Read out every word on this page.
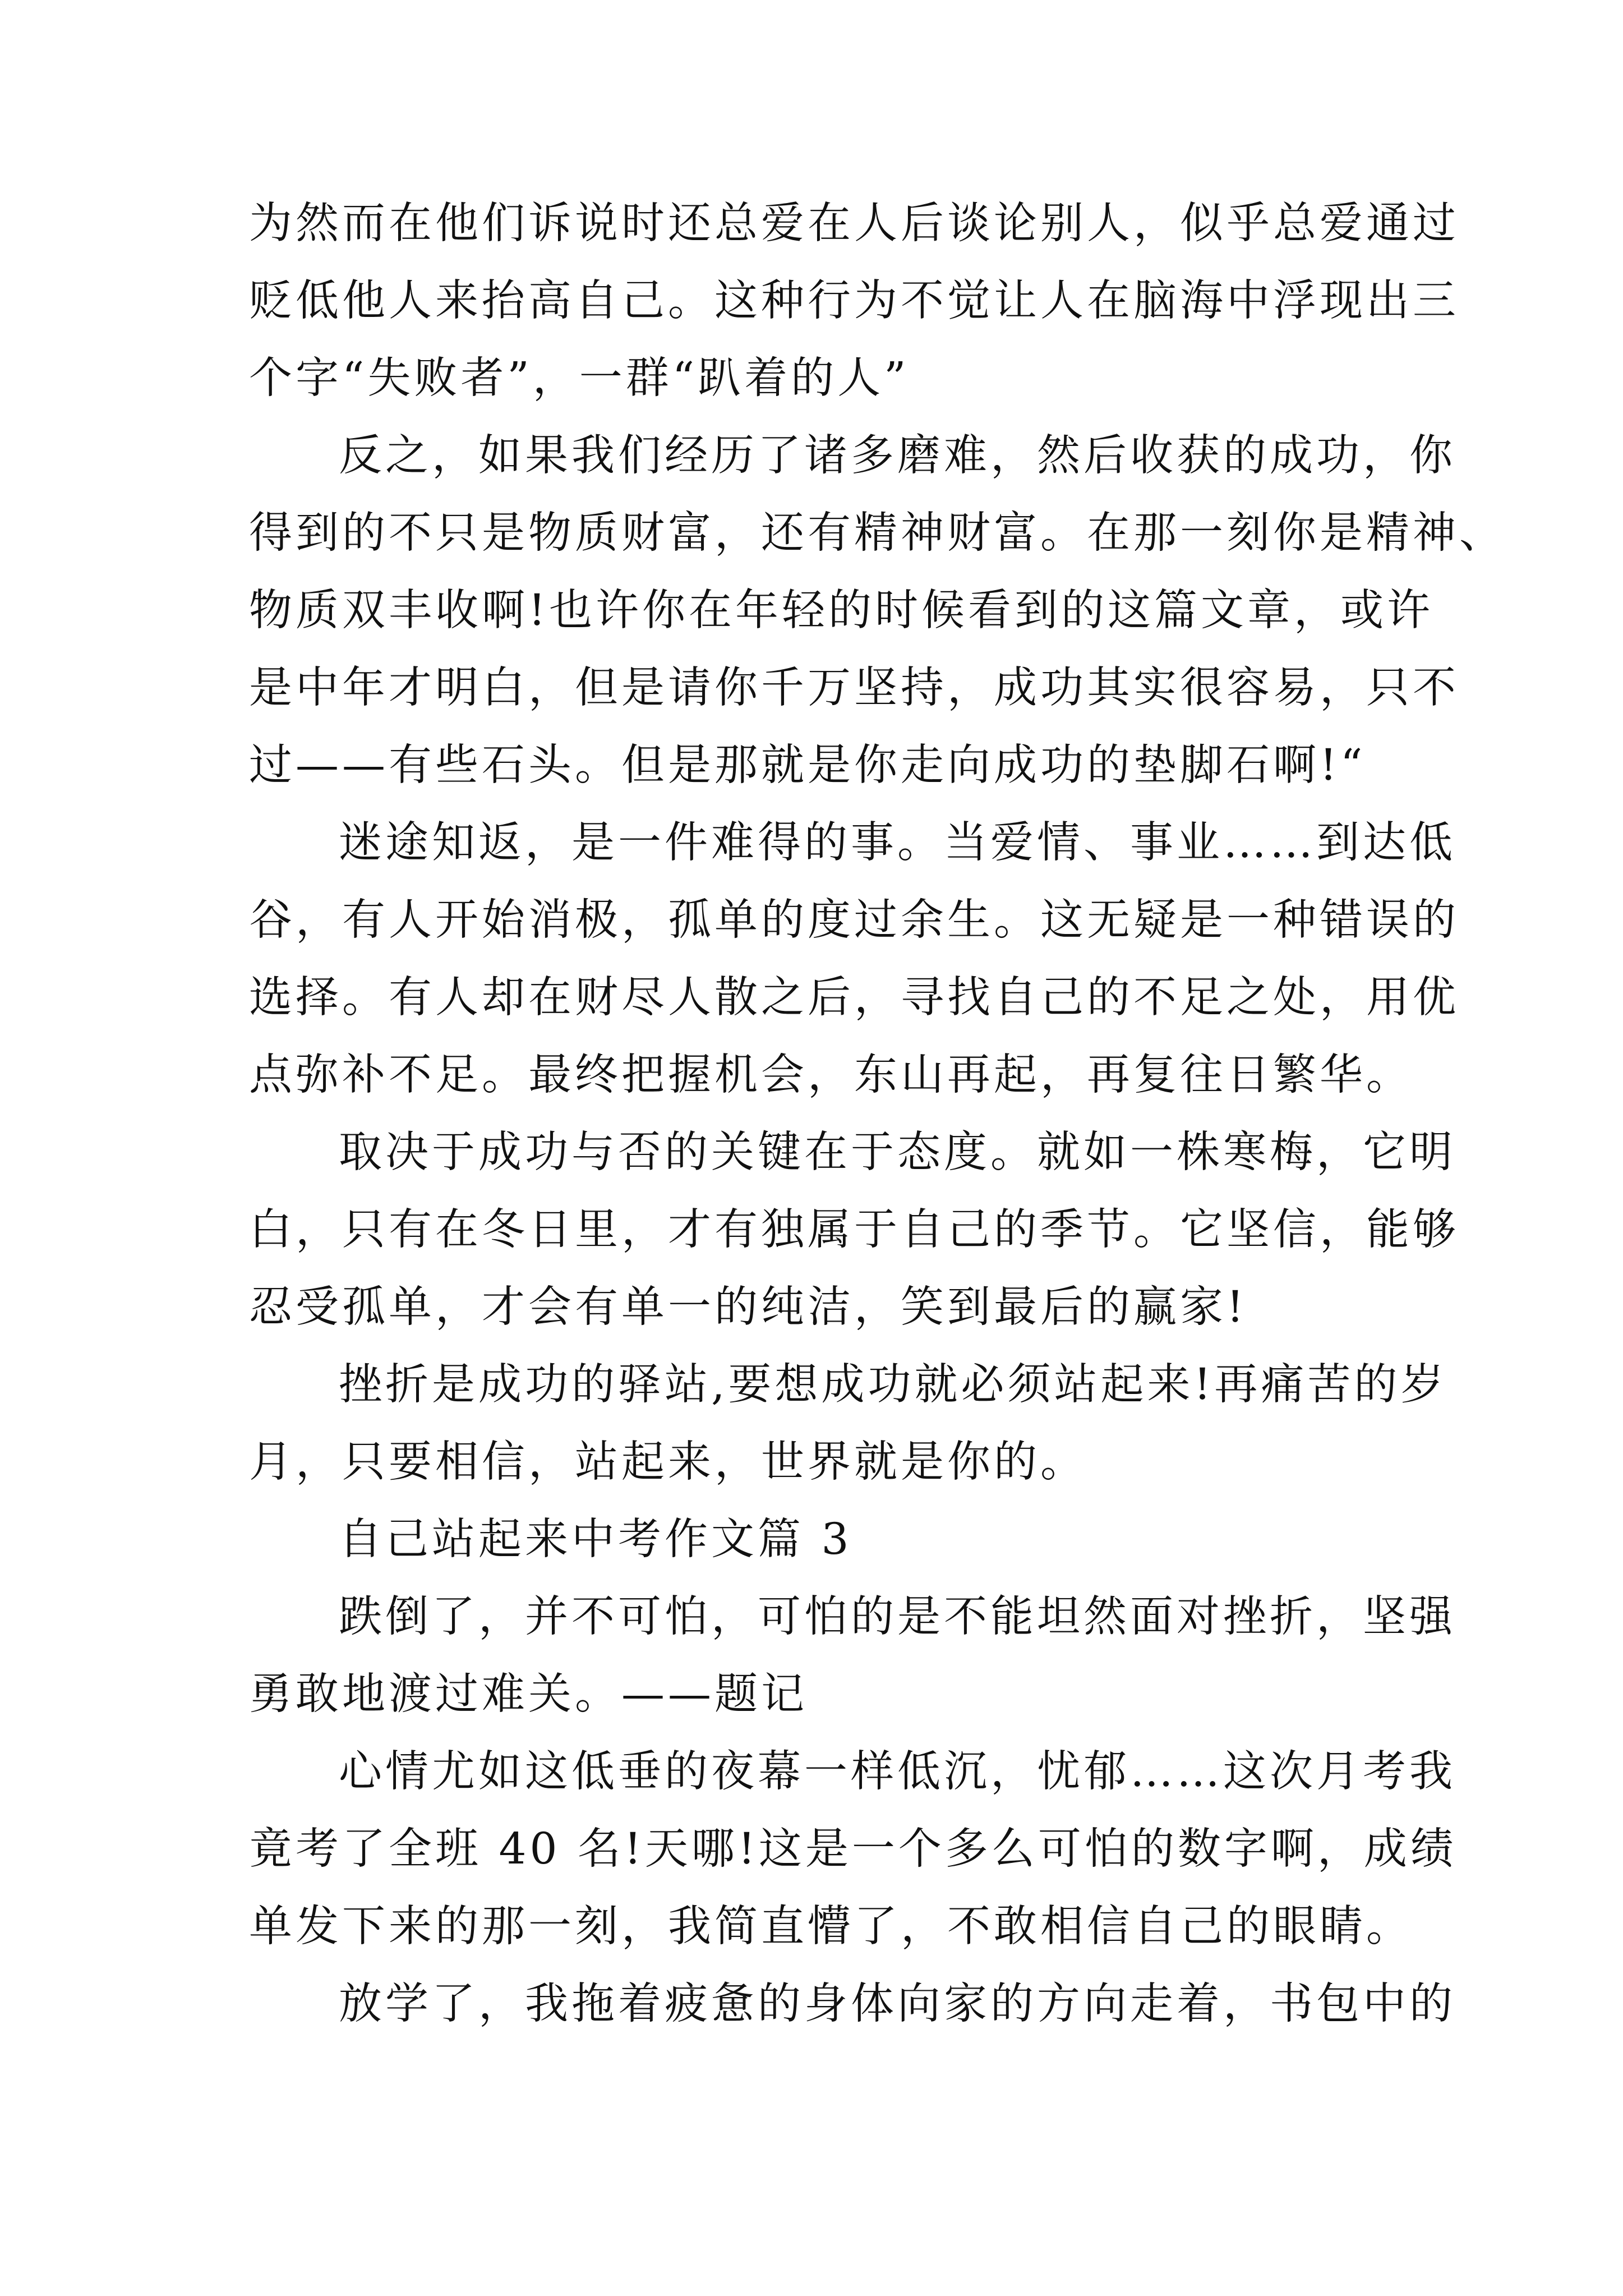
为然而在他们诉说时还总爱在人后谈论别人，似乎总爱通过
贬低他人来抬高自己。这种行为不觉让人在脑海中浮现出三
个字“失败者”，一群“趴着的人”
反之，如果我们经历了诸多磨难，然后收获的成功，你
得到的不只是物质财富，还有精神财富。在那一刻你是精神、
物质双丰收啊!也许你在年轻的时候看到的这篇文章，或许
是中年才明白，但是请你千万坚持，成功其实很容易，只不
过——有些石头。但是那就是你走向成功的垫脚石啊!“
迷途知返，是一件难得的事。当爱情、事业……到达低
谷，有人开始消极，孤单的度过余生。这无疑是一种错误的
选择。有人却在财尽人散之后，寻找自己的不足之处，用优
点弥补不足。最终把握机会，东山再起，再复往日繁华。
取决于成功与否的关键在于态度。就如一株寒梅，它明
白，只有在冬日里，才有独属于自己的季节。它坚信，能够
忍受孤单，才会有单一的纯洁，笑到最后的赢家!
挫折是成功的驿站,要想成功就必须站起来!再痛苦的岁
月，只要相信，站起来，世界就是你的。
自己站起来中考作文篇 3
跌倒了，并不可怕，可怕的是不能坦然面对挫折，坚强
勇敢地渡过难关。——题记
心情尤如这低垂的夜幕一样低沉，忧郁……这次月考我
竟考了全班 40 名!天哪!这是一个多么可怕的数字啊，成绩
单发下来的那一刻，我简直懵了，不敢相信自己的眼睛。
放学了，我拖着疲惫的身体向家的方向走着，书包中的
